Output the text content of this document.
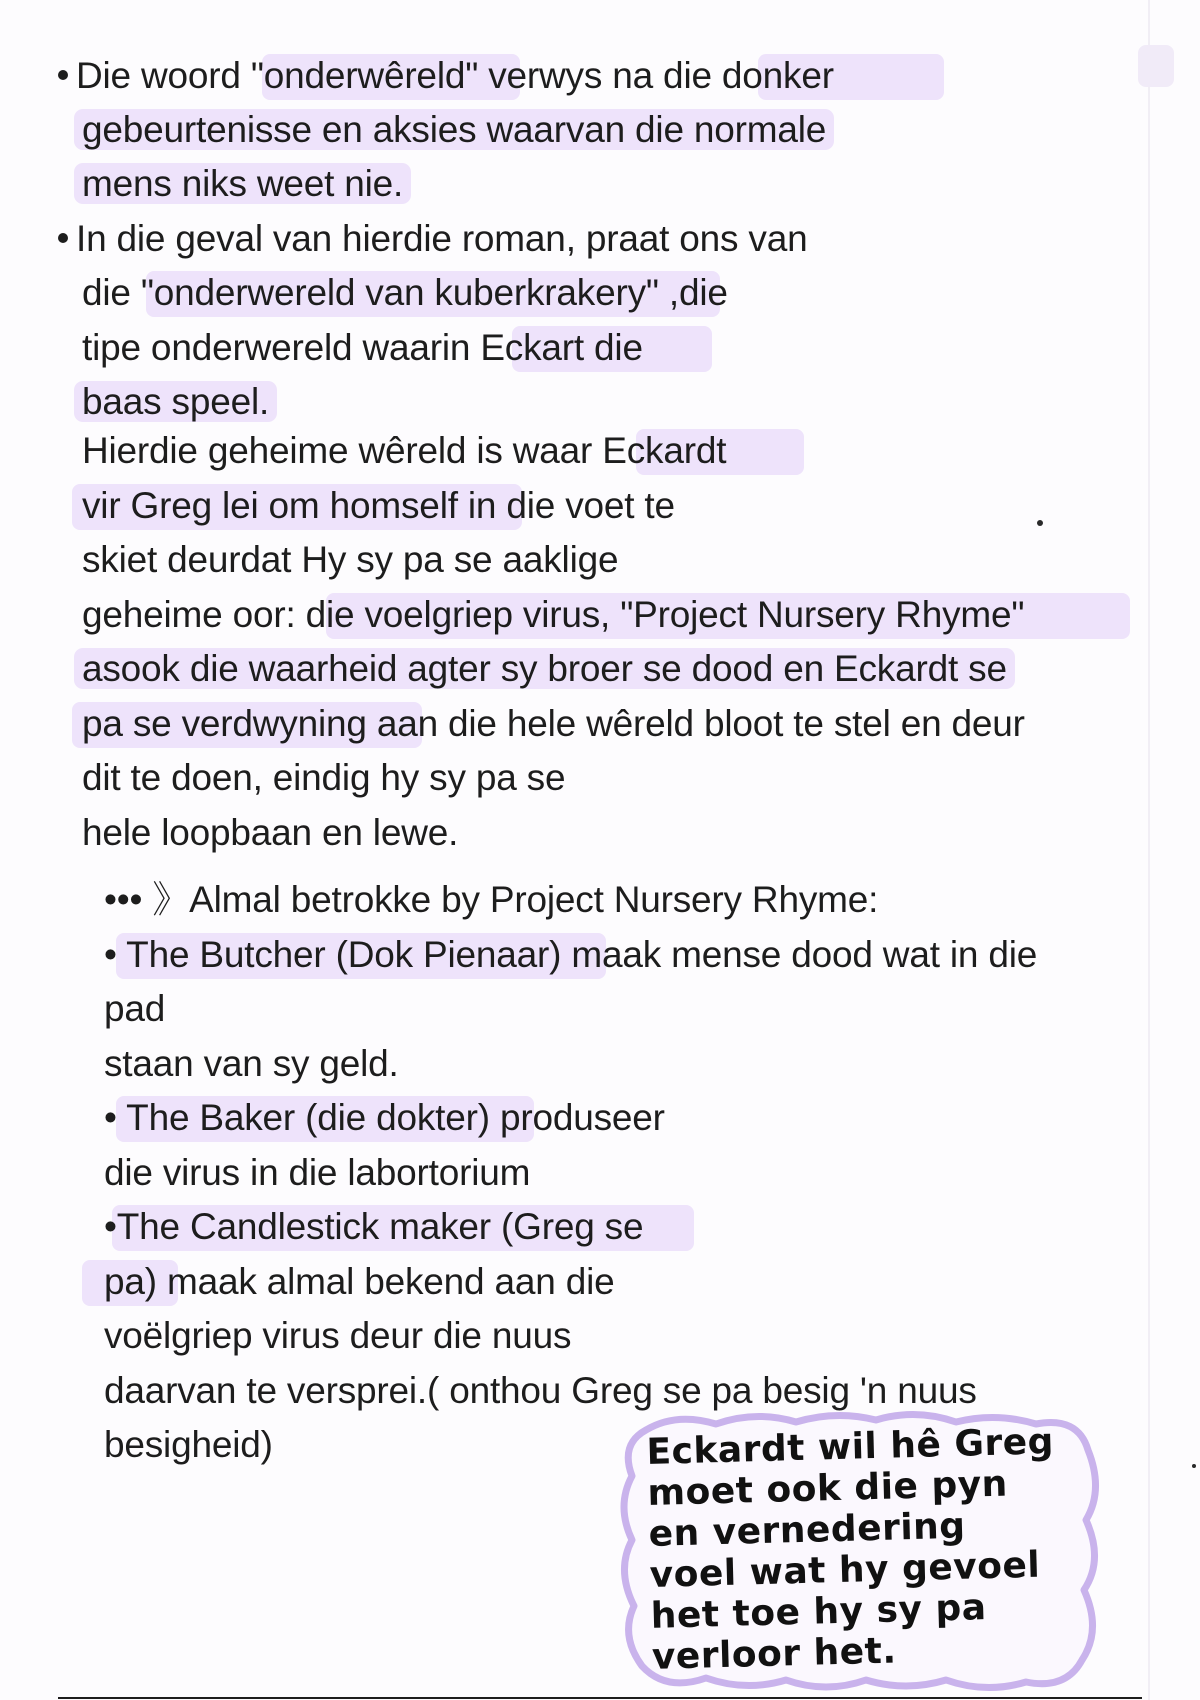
Die woord "onderwêreld" verwys na die donker
gebeurtenisse en aksies waarvan die normale
mens niks weet nie.
In die geval van hierdie roman, praat ons van
die "onderwereld van kuberkrakery" ,die
tipe onderwereld waarin Eckart die
baas speel.
Hierdie geheime wêreld is waar Eckardt
vir Greg lei om homself in die voet te
skiet deurdat Hy sy pa se aaklige
geheime oor: die voelgriep virus, "Project Nursery Rhyme"
asook die waarheid agter sy broer se dood en Eckardt se
pa se verdwyning aan die hele wêreld bloot te stel en deur
dit te doen, eindig hy sy pa se
hele loopbaan en lewe.
••• 》Almal betrokke by Project Nursery Rhyme:
• The Butcher (Dok Pienaar) maak mense dood wat in die
pad
staan van sy geld.
• The Baker (die dokter) produseer
die virus in die labortorium
•The Candlestick maker (Greg se
pa) maak almal bekend aan die
voëlgriep virus deur die nuus
daarvan te versprei.( onthou Greg se pa besig 'n nuus
besigheid)	Eckardt wil hê Greg
moet ook die pyn
en vernedering
voel wat hy gevoel
het toe hy sy pa
verloor het.
